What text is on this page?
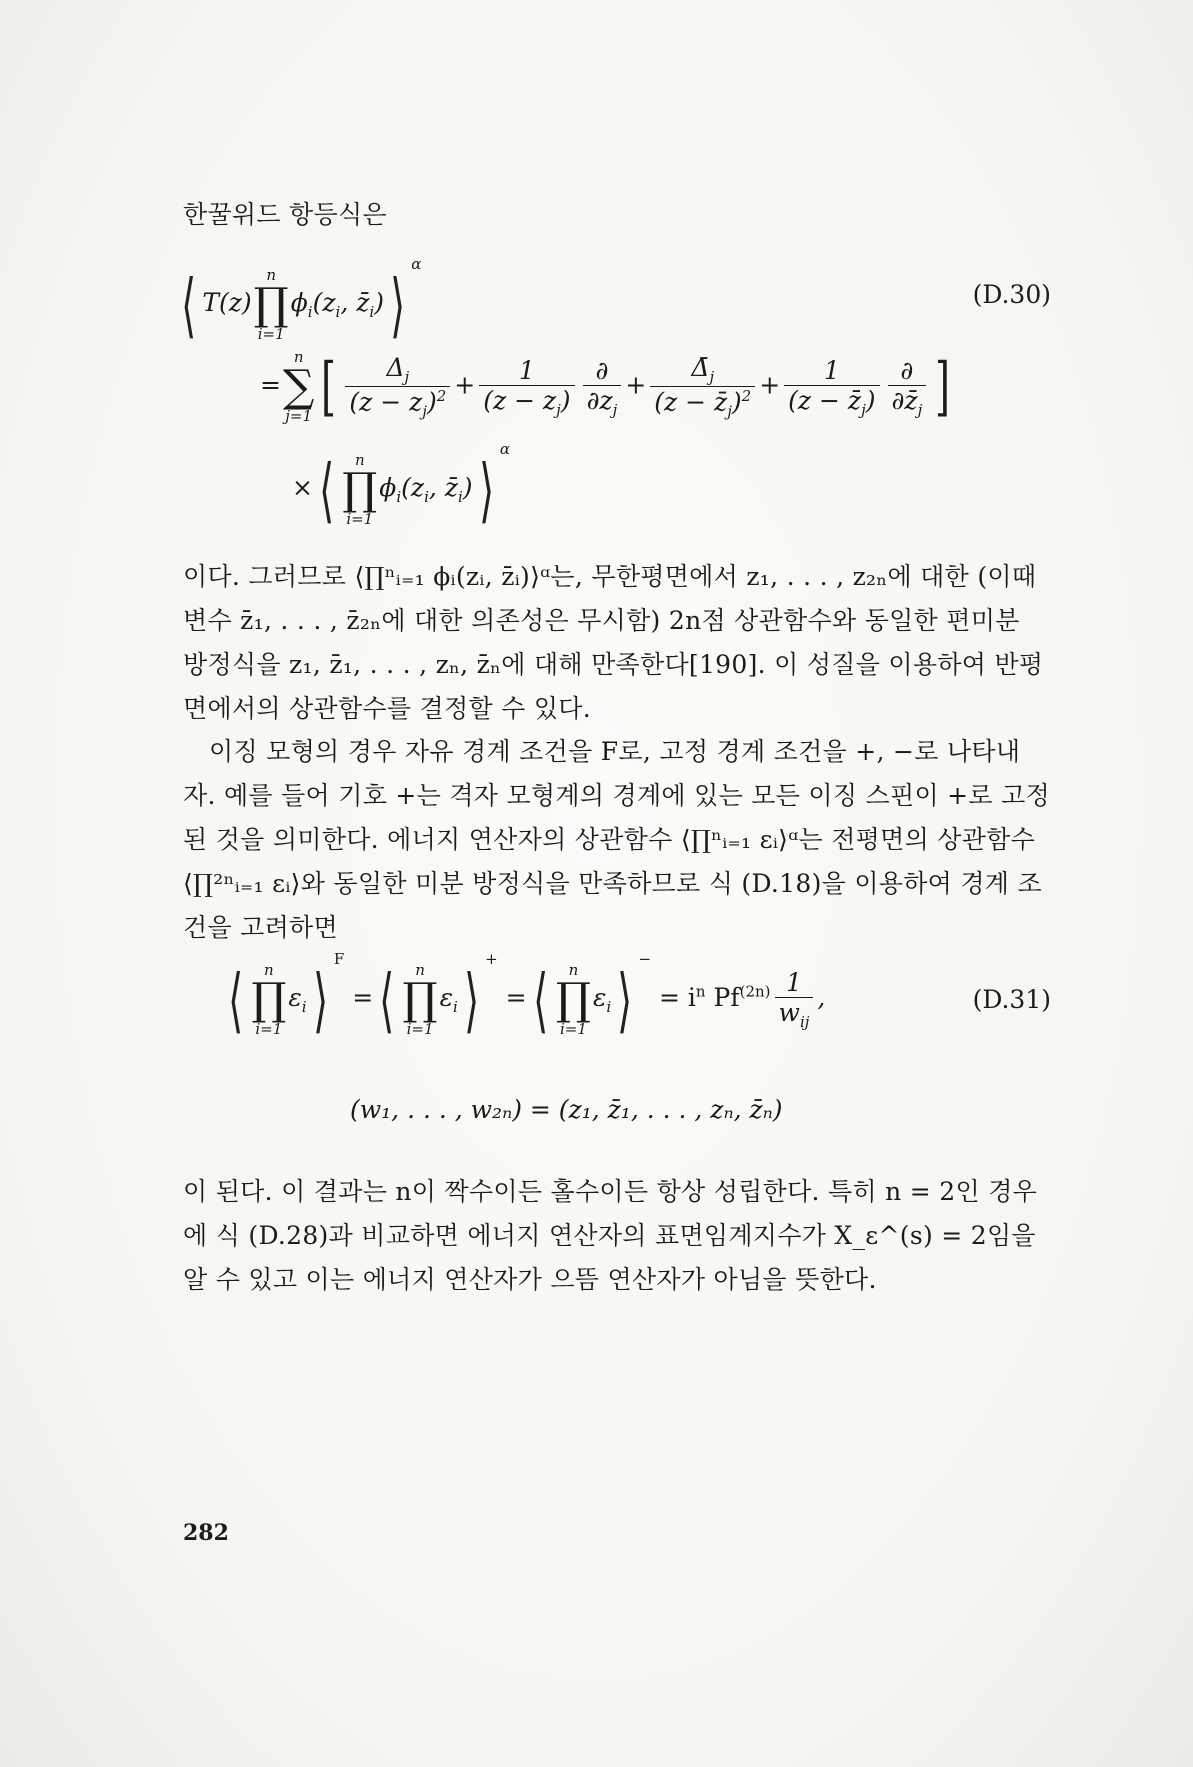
한꿀위드 항등식은
⟨ T(z)
n
∏
i=1
$\phi_i(z_i$, $z̄_i)⟩$ $^\alpha$
(D.30)
=
n
∑
j=1 [ $\frac{\Delta_j}{(z - z_j)^2} + \frac{1}{(z - z_j)} \frac{\partial}{\partial z_j} + \frac{\Deltā_j}{(z - z̄_j)^2} + \frac{1}{(z - z̄_j)} \frac{\partial}{\partial z̄_j}$ ]
×⟨	n
∏
i=1
$\phi_i(z_i$, $z̄_i)⟩$ $^\alpha$
이다. 그러므로 ⟨∏ⁿᵢ₌₁ ϕᵢ(zᵢ, z̄ᵢ)⟩ᵅ는, 무한평면에서 z₁, . . . , z₂ₙ에 대한 (이때 변수 z̄₁, . . . , z̄₂ₙ에 대한 의존성은 무시함) 2n점 상관함수와 동일한 편미분 방정식을 z₁, z̄₁, . . . , zₙ, z̄ₙ에 대해 만족한다[190]. 이 성질을 이용하여 반평면에서의 상관함수를 결정할 수 있다.
이징 모형의 경우 자유 경계 조건을 F로, 고정 경계 조건을 +, −로 나타내자. 예를 들어 기호 +는 격자 모형계의 경계에 있는 모든 이징 스핀이 +로 고정된 것을 의미한다. 에너지 연산자의 상관함수 ⟨∏ⁿᵢ₌₁ εᵢ⟩ᵅ는 전평면의 상관함수 ⟨∏²ⁿᵢ₌₁ εᵢ⟩와 동일한 미분 방정식을 만족하므로 식 (D.18)을 이용하여 경계 조건을 고려하면
⟨	n
∏
i=1
$\varepsilon_i⟩$ $^F$ =⟨	n
∏
i=1
$\varepsilon_i⟩$ + =⟨	n
∏
i=1
$\varepsilon_i⟩$ $^- = i^n$ $Pf^{(2n)} \frac{1}{w_{ij}}$ ,	(D.31)
(w₁, . . . , w₂ₙ) = (z₁, z̄₁, . . . , zₙ, z̄ₙ)
이 된다. 이 결과는 n이 짝수이든 홀수이든 항상 성립한다. 특히 n = 2인 경우에 식 (D.28)과 비교하면 에너지 연산자의 표면임계지수가 X_ε^(s) = 2임을 알 수 있고 이는 에너지 연산자가 으뜸 연산자가 아님을 뜻한다.
282
